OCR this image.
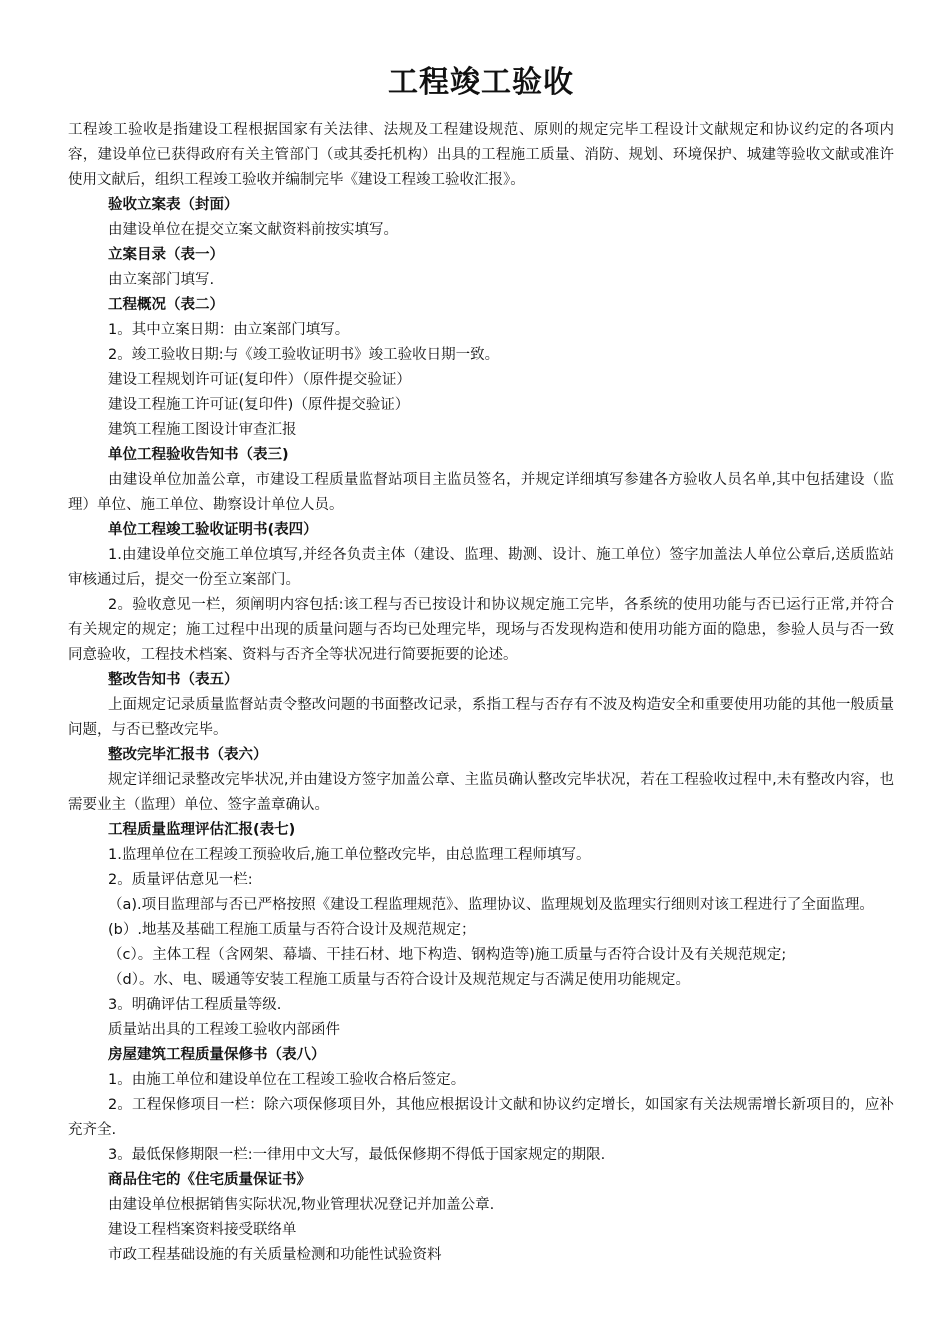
工程竣工验收

工程竣工验收是指建设工程根据国家有关法律、法规及工程建设规范、原则的规定完毕工程设计文献规定和协议约定的各项内容，建设单位已获得政府有关主管部门（或其委托机构）出具的工程施工质量、消防、规划、环境保护、城建等验收文献或准许使用文献后，组织工程竣工验收并编制完毕《建设工程竣工验收汇报》。

验收立案表（封面）

由建设单位在提交立案文献资料前按实填写。

立案目录（表一）

由立案部门填写.

工程概况（表二）

1。其中立案日期：由立案部门填写。

2。竣工验收日期:与《竣工验收证明书》竣工验收日期一致。

建设工程规划许可证(复印件）（原件提交验证）

建设工程施工许可证(复印件)（原件提交验证）

建筑工程施工图设计审查汇报

单位工程验收告知书（表三)

由建设单位加盖公章，市建设工程质量监督站项目主监员签名，并规定详细填写参建各方验收人员名单,其中包括建设（监理）单位、施工单位、勘察设计单位人员。

单位工程竣工验收证明书(表四）

1.由建设单位交施工单位填写,并经各负责主体（建设、监理、勘测、设计、施工单位）签字加盖法人单位公章后,送质监站审核通过后，提交一份至立案部门。

2。验收意见一栏，须阐明内容包括:该工程与否已按设计和协议规定施工完毕，各系统的使用功能与否已运行正常,并符合有关规定的规定；施工过程中出现的质量问题与否均已处理完毕，现场与否发现构造和使用功能方面的隐患，参验人员与否一致同意验收，工程技术档案、资料与否齐全等状况进行简要扼要的论述。

整改告知书（表五）

上面规定记录质量监督站责令整改问题的书面整改记录，系指工程与否存有不波及构造安全和重要使用功能的其他一般质量问题，与否已整改完毕。

整改完毕汇报书（表六）

规定详细记录整改完毕状况,并由建设方签字加盖公章、主监员确认整改完毕状况，若在工程验收过程中,未有整改内容，也需要业主（监理）单位、签字盖章确认。

工程质量监理评估汇报(表七)

1.监理单位在工程竣工预验收后,施工单位整改完毕，由总监理工程师填写。

2。质量评估意见一栏:

（a).项目监理部与否已严格按照《建设工程监理规范》、监理协议、监理规划及监理实行细则对该工程进行了全面监理。

(b）.地基及基础工程施工质量与否符合设计及规范规定；

（c）。主体工程（含网架、幕墙、干挂石材、地下构造、钢构造等)施工质量与否符合设计及有关规范规定;

（d）。水、电、暖通等安装工程施工质量与否符合设计及规范规定与否满足使用功能规定。

3。明确评估工程质量等级.

质量站出具的工程竣工验收内部函件

房屋建筑工程质量保修书（表八）

1。由施工单位和建设单位在工程竣工验收合格后签定。

2。工程保修项目一栏：除六项保修项目外，其他应根据设计文献和协议约定增长，如国家有关法规需增长新项目的，应补充齐全.

3。最低保修期限一栏:一律用中文大写，最低保修期不得低于国家规定的期限.

商品住宅的《住宅质量保证书》

由建设单位根据销售实际状况,物业管理状况登记并加盖公章.

建设工程档案资料接受联络单

市政工程基础设施的有关质量检测和功能性试验资料
